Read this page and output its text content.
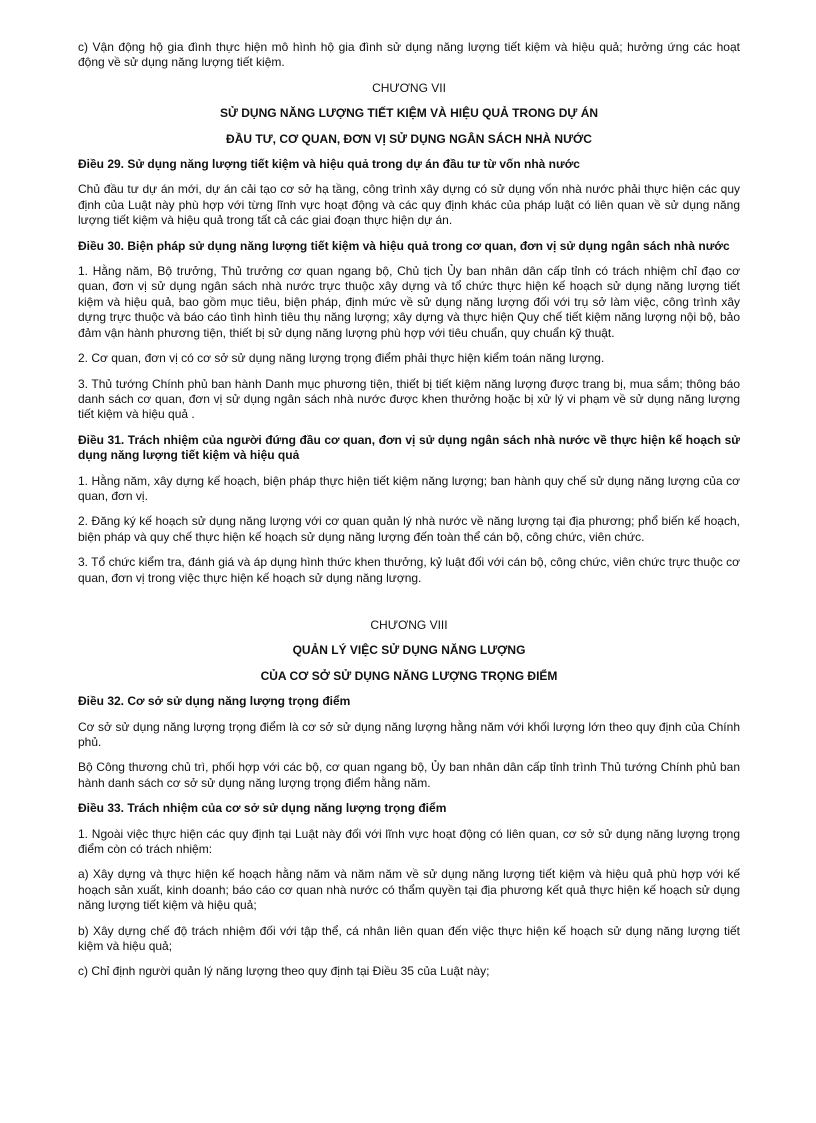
c) Vận động hộ gia đình thực hiện mô hình hộ gia đình sử dụng năng lượng tiết kiệm và hiệu quả; hưởng ứng các hoạt động về sử dụng năng lượng tiết kiệm.

CHƯƠNG VII

SỬ DỤNG NĂNG LƯỢNG TIẾT KIỆM VÀ HIỆU QUẢ TRONG DỰ ÁN

ĐẦU TƯ, CƠ QUAN, ĐƠN VỊ SỬ DỤNG NGÂN SÁCH NHÀ NƯỚC

Điều 29. Sử dụng năng lượng tiết kiệm và hiệu quả trong dự án đầu tư từ vốn nhà nước

Chủ đầu tư dự án mới, dự án cải tạo cơ sở hạ tầng, công trình xây dựng có sử dụng vốn nhà nước phải thực hiện các quy định của Luật này phù hợp với từng lĩnh vực hoạt động và các quy định khác của pháp luật có liên quan về sử dụng năng lượng tiết kiệm và hiệu quả trong tất cả các giai đoạn thực hiện dự án.

Điều 30. Biện pháp sử dụng năng lượng tiết kiệm và hiệu quả trong cơ quan, đơn vị sử dụng ngân sách nhà nước

1. Hằng năm, Bộ trưởng, Thủ trưởng cơ quan ngang bộ, Chủ tịch Ủy ban nhân dân cấp tỉnh có trách nhiệm chỉ đạo cơ quan, đơn vị sử dụng ngân sách nhà nước trực thuộc xây dựng và tổ chức thực hiện kế hoạch sử dụng năng lượng tiết kiệm và hiệu quả, bao gồm mục tiêu, biện pháp, định mức về sử dụng năng lượng đối với trụ sở làm việc, công trình xây dựng trực thuộc và báo cáo tình hình tiêu thụ năng lượng; xây dựng và thực hiện Quy chế tiết kiệm năng lượng nội bộ, bảo đảm vận hành phương tiện, thiết bị sử dụng năng lượng phù hợp với tiêu chuẩn, quy chuẩn kỹ thuật.

2. Cơ quan, đơn vị có cơ sở sử dụng năng lượng trọng điểm phải thực hiện kiểm toán năng lượng.

3. Thủ tướng Chính phủ ban hành Danh mục phương tiện, thiết bị tiết kiệm năng lượng được trang bị, mua sắm; thông báo danh sách cơ quan, đơn vị sử dụng ngân sách nhà nước được khen thưởng hoặc bị xử lý vi phạm về sử dụng năng lượng tiết kiệm và hiệu quả .

Điều 31. Trách nhiệm của người đứng đầu cơ quan, đơn vị sử dụng ngân sách nhà nước về thực hiện kế hoạch sử dụng năng lượng tiết kiệm và hiệu quả

1. Hằng năm, xây dựng kế hoạch, biện pháp thực hiện tiết kiệm năng lượng; ban hành quy chế sử dụng năng lượng của cơ quan, đơn vị.

2. Đăng ký kế hoạch sử dụng năng lượng với cơ quan quản lý nhà nước về năng lượng tại địa phương; phổ biến kế hoạch, biện pháp và quy chế thực hiện kế hoạch sử dụng năng lượng đến toàn thể cán bộ, công chức, viên chức.

3. Tổ chức kiểm tra, đánh giá và áp dụng hình thức khen thưởng, kỷ luật đối với cán bộ, công chức, viên chức trực thuộc cơ quan, đơn vị trong việc thực hiện kế hoạch sử dụng năng lượng.

CHƯƠNG VIII

QUẢN LÝ VIỆC SỬ DỤNG NĂNG LƯỢNG

CỦA CƠ SỞ SỬ DỤNG NĂNG LƯỢNG TRỌNG ĐIỂM

Điều 32. Cơ sở sử dụng năng lượng trọng điểm

Cơ sở sử dụng năng lượng trọng điểm là cơ sở sử dụng năng lượng hằng năm với khối lượng lớn theo quy định của Chính phủ.

Bộ Công thương chủ trì, phối hợp với các bộ, cơ quan ngang bộ, Ủy ban nhân dân cấp tỉnh trình Thủ tướng Chính phủ ban hành danh sách cơ sở sử dụng năng lượng trọng điểm hằng năm.

Điều 33. Trách nhiệm của cơ sở sử dụng năng lượng trọng điểm

1. Ngoài việc thực hiện các quy định tại Luật này đối với lĩnh vực hoạt động có liên quan, cơ sở sử dụng năng lượng trọng điểm còn có trách nhiệm:

a) Xây dựng và thực hiện kế hoạch hằng năm và năm năm về sử dụng năng lượng tiết kiệm và hiệu quả phù hợp với kế hoạch sản xuất, kinh doanh; báo cáo cơ quan nhà nước có thẩm quyền tại địa phương kết quả thực hiện kế hoạch sử dụng năng lượng tiết kiệm và hiệu quả;

b) Xây dựng chế độ trách nhiệm đối với tập thể, cá nhân liên quan đến việc thực hiện kế hoạch sử dụng năng lượng tiết kiệm và hiệu quả;

c) Chỉ định người quản lý năng lượng theo quy định tại Điều 35 của Luật này;
